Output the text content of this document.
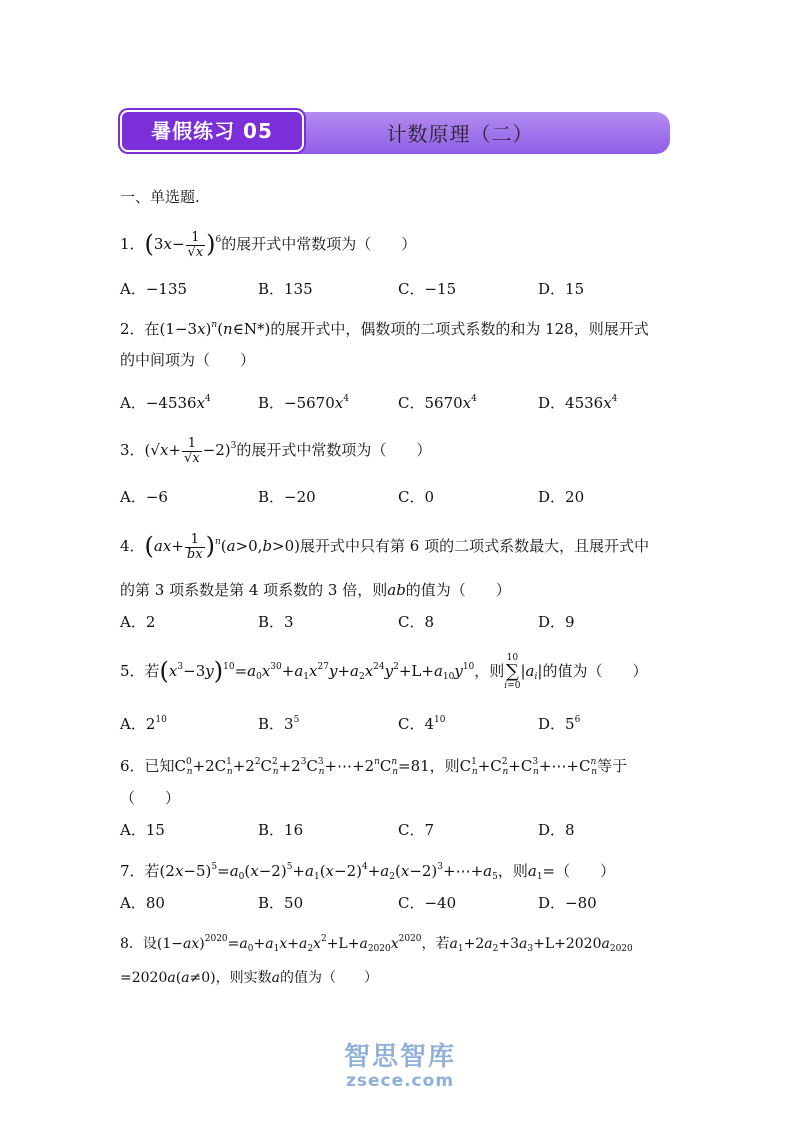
计数原理（二）
暑假练习 05
一、单选题.
1．$(3x- \frac{1}{√x} )^6$的展开式中常数项为（　　）
A．−135	B．135	C．−15	D．15
2．在$(1-3x)^n(n\in N*)$的展开式中，偶数项的二项式系数的和为 128，则展开式
的中间项为（　　）
A．$-4536x^4$	B．$-5670x^4$	C．$5670x^4$	D．$4536x^4$
3．$(√x+ \frac{1}{√x} -2)^3$的展开式中常数项为（　　）
A．−6	B．−20	C．0	D．20
4．$(ax+ \frac{1}{bx} )^n(a>0,b>0)$展开式中只有第 6 项的二项式系数最大，且展开式中
的第 3 项系数是第 4 项系数的 3 倍，则ab的值为（　　）
A．2	B．3	C．8	D．9
5．若$(x^3-3y)^{10}=a_0x^{30}+a_1x^{27}y+a_2x^{24}y^2+L+a_{10}y^{10}$，则10
∑
$i=0|a_i|$的值为（　　）
A．$2^{10}$	B．$3^5$	C．$4^{10}$	D．$5^6$
6．已知$C^0_n+2C^1_n+2^2C^2_n+2^3C^3_n+\cdots+2^nC^n_n=81$，则$C^1_n+C^2_n+C^3_n+\cdots+C^n_n$等于
（　　）
A．15	B．16	C．7	D．8
7．若$(2x-5)^5=a_0(x-2)^5+a_1(x-2)^4+a_2(x-2)^3+\cdots+a_5$，则$a_1=$（　　）
A．80	B．50	C．−40	D．−80
8．设$(1-ax)^{2020}=a_0+a_1x+a_2x^2+L+a_{2020}x^{2020}$，若$a_1+2a_2+3a_3+L+2020a_{2020}$
=2020a(a≠0)，则实数a的值为（　　）
智思智库
zsece.com
